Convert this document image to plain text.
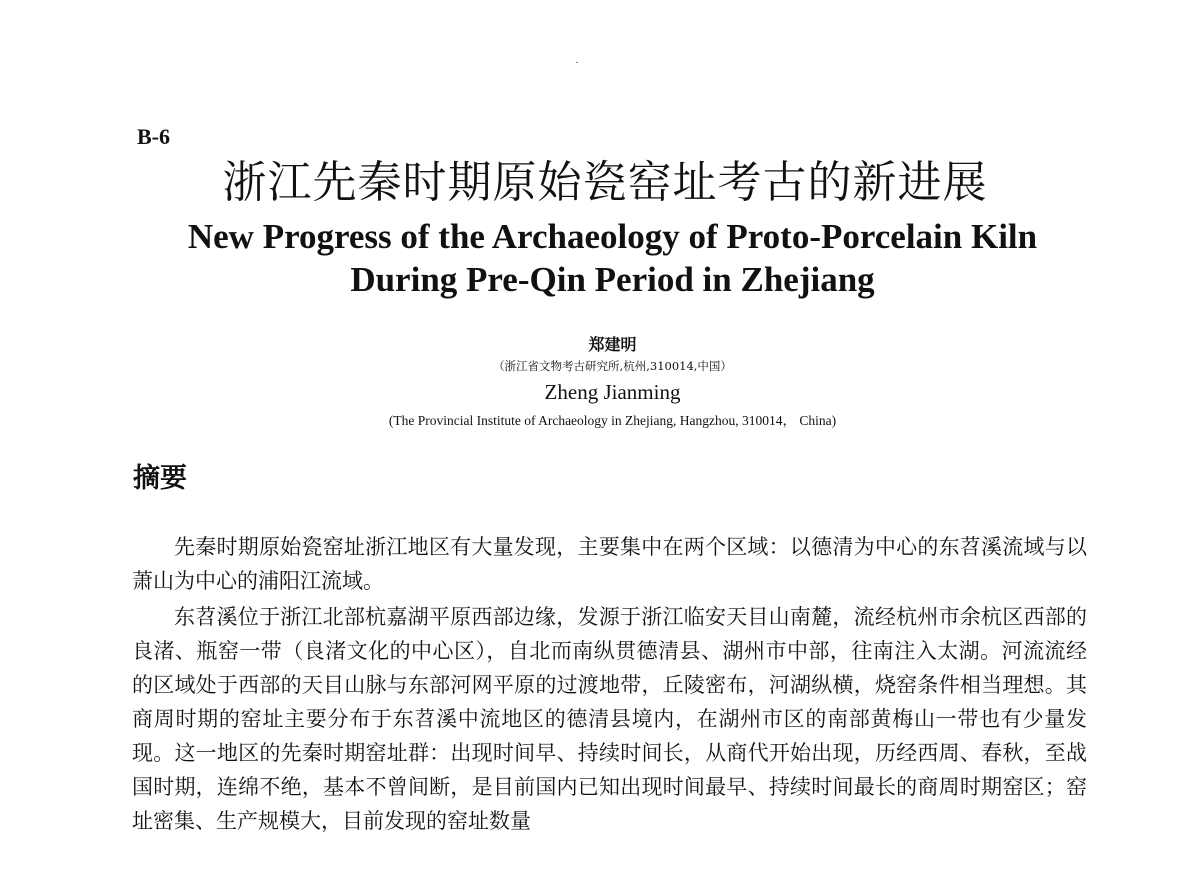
B-6
浙江先秦时期原始瓷窑址考古的新进展
New Progress of the Archaeology of Proto-Porcelain Kiln
During Pre-Qin Period in Zhejiang
郑建明
（浙江省文物考古研究所,杭州,310014,中国）
Zheng Jianming
(The Provincial Institute of Archaeology in Zhejiang, Hangzhou, 310014， China)
摘要

先秦时期原始瓷窑址浙江地区有大量发现，主要集中在两个区域：以德清为中心的东苕溪流域与以萧山为中心的浦阳江流域。

东苕溪位于浙江北部杭嘉湖平原西部边缘，发源于浙江临安天目山南麓，流经杭州市余杭区西部的良渚、瓶窑一带（良渚文化的中心区），自北而南纵贯德清县、湖州市中部，往南注入太湖。河流流经的区域处于西部的天目山脉与东部河网平原的过渡地带，丘陵密布，河湖纵横，烧窑条件相当理想。其商周时期的窑址主要分布于东苕溪中流地区的德清县境内，在湖州市区的南部黄梅山一带也有少量发现。这一地区的先秦时期窑址群：出现时间早、持续时间长，从商代开始出现，历经西周、春秋，至战国时期，连绵不绝，基本不曾间断，是目前国内已知出现时间最早、持续时间最长的商周时期窑区；窑址密集、生产规模大，目前发现的窑址数量
